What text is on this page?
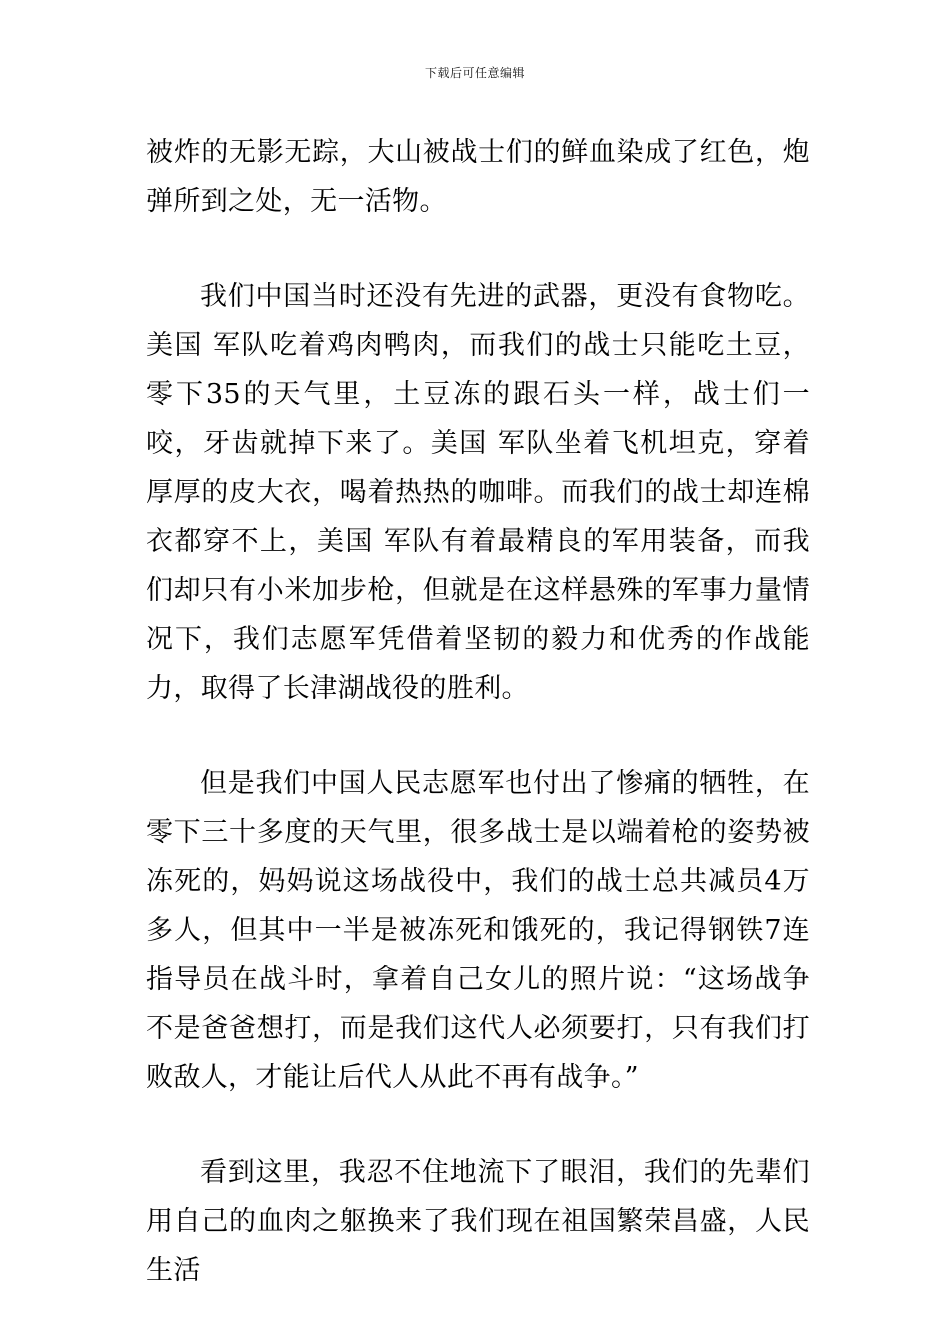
下载后可任意编辑

被炸的无影无踪，大山被战士们的鲜血染成了红色，炮弹所到之处，无一活物。

我们中国当时还没有先进的武器，更没有食物吃。美国 军队吃着鸡肉鸭肉，而我们的战士只能吃土豆，零下35的天气里，土豆冻的跟石头一样，战士们一咬，牙齿就掉下来了。美国 军队坐着飞机坦克，穿着厚厚的皮大衣，喝着热热的咖啡。而我们的战士却连棉衣都穿不上，美国 军队有着最精良的军用装备，而我们却只有小米加步枪，但就是在这样悬殊的军事力量情况下，我们志愿军凭借着坚韧的毅力和优秀的作战能力，取得了长津湖战役的胜利。

但是我们中国人民志愿军也付出了惨痛的牺牲，在零下三十多度的天气里，很多战士是以端着枪的姿势被冻死的，妈妈说这场战役中，我们的战士总共减员4万多人，但其中一半是被冻死和饿死的，我记得钢铁7连指导员在战斗时，拿着自己女儿的照片说：“这场战争不是爸爸想打，而是我们这代人必须要打，只有我们打败敌人，才能让后代人从此不再有战争。”

看到这里，我忍不住地流下了眼泪，我们的先辈们用自己的血肉之躯换来了我们现在祖国繁荣昌盛，人民生活
